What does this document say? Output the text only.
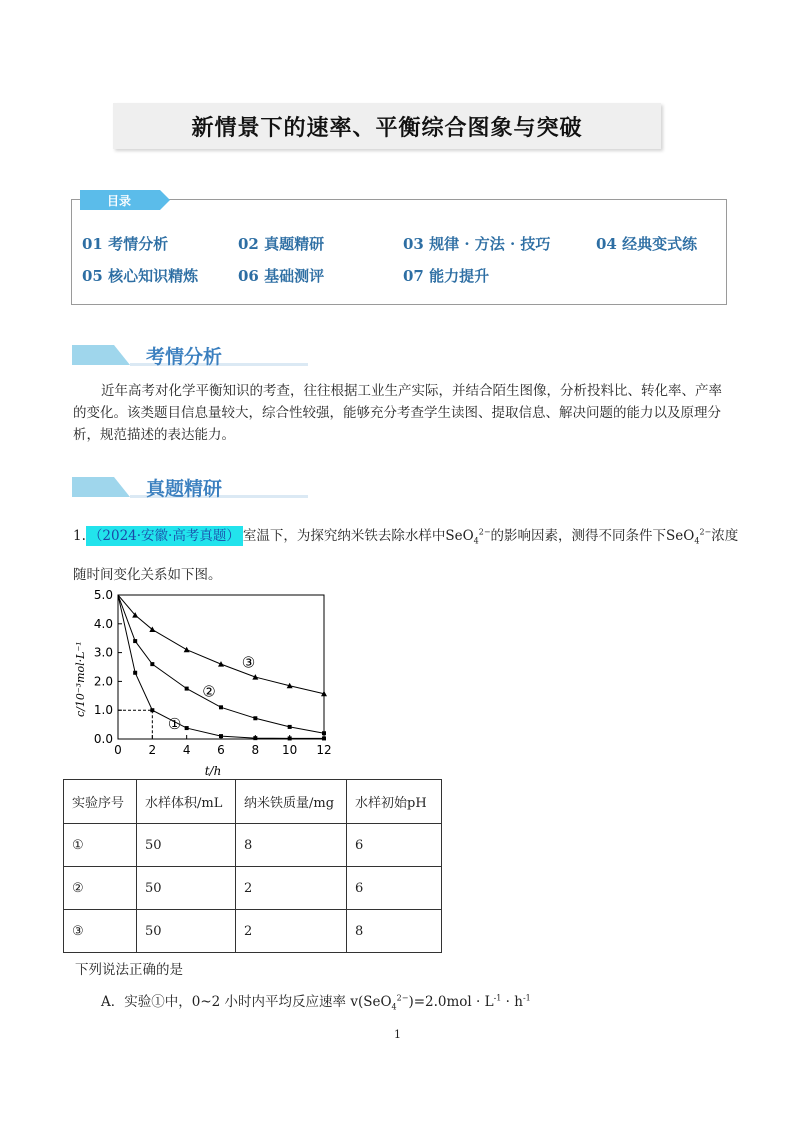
新情景下的速率、平衡综合图象与突破
目录
01 考情分析	02 真题精研	03 规律 · 方法 · 技巧	04 经典变式练
05 核心知识精炼	06 基础测评	07 能力提升
考情分析
近年高考对化学平衡知识的考查，往往根据工业生产实际，并结合陌生图像，分析投料比、转化率、产率的变化。该类题目信息量较大，综合性较强，能够充分考查学生读图、提取信息、解决问题的能力以及原理分析，规范描述的表达能力。
真题精研
1. （2024·安徽·高考真题） 室温下，为探究纳米铁去除水样中SeO$_4^{2-}$的影响因素，测得不同条件下SeO$_4^{2-}$浓度
随时间变化关系如下图。
0 2 4 6 8 10 12
0.0
1.0
2.0
3.0
4.0
5.0
①
②
③
c/10⁻³mol·L⁻¹
t/h
实验序号	水样体积/mL	纳米铁质量/mg	水样初始pH
①	50	8	6
②	50	2	6
③	50	2	8
下列说法正确的是
A．实验①中，0~2 小时内平均反应速率 $v(SeO_4^{2-})=2.0mol \cdot L^{-1} \cdot h^{-1}$
1
